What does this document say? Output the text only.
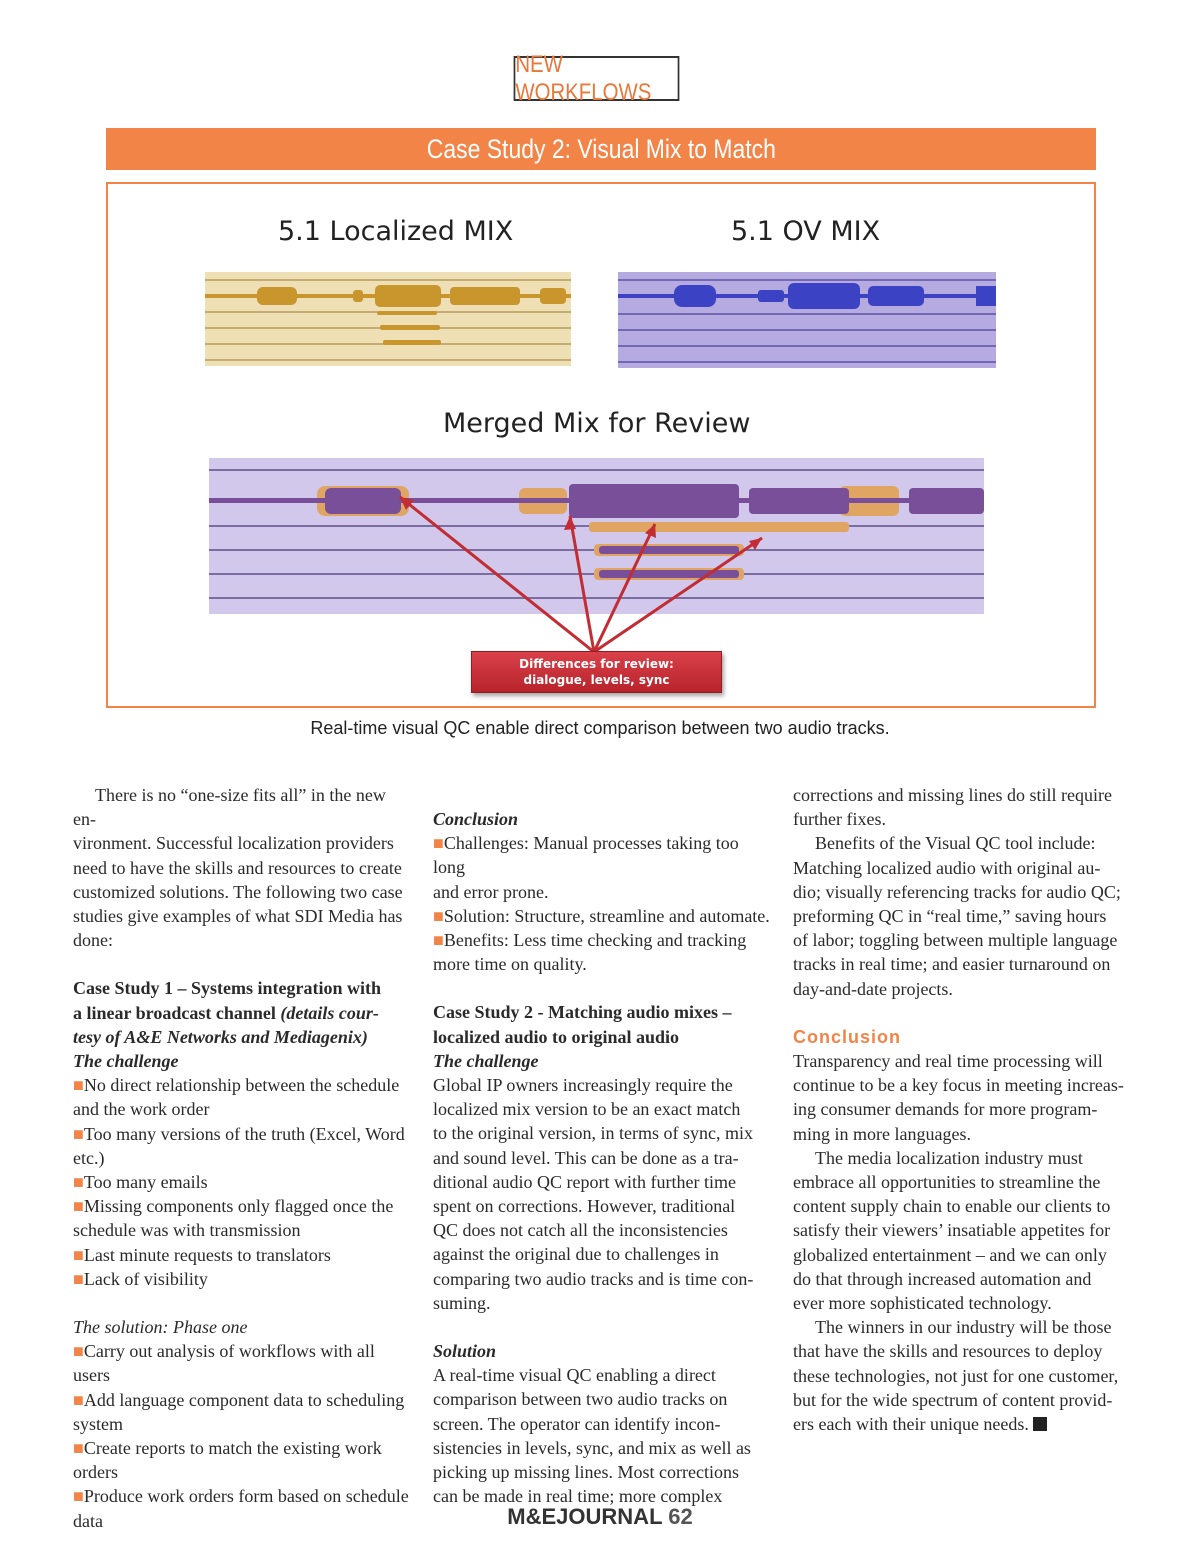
NEW WORKFLOWS
Case Study 2: Visual Mix to Match
5.1 Localized MIX	5.1 OV MIX
Merged Mix for Review
Differences for review:
dialogue, levels, sync
Real-time visual QC enable direct comparison between two audio tracks.

There is no “one-size fits all” in the new en-

vironment. Successful localization providers

need to have the skills and resources to create

customized solutions. The following two case

studies give examples of what SDI Media has

done:

Case Study 1 – Systems integration with

a linear broadcast channel (details cour-

tesy of A&E Networks and Mediagenix)

The challenge

■No direct relationship between the schedule

and the work order

■Too many versions of the truth (Excel, Word

etc.)

■Too many emails

■Missing components only flagged once the

schedule was with transmission

■Last minute requests to translators

■Lack of visibility

The solution: Phase one

■Carry out analysis of workflows with all users

■Add language component data to scheduling

system

■Create reports to match the existing work

orders

■Produce work orders form based on schedule

data

Conclusion

■Challenges: Manual processes taking too long

and error prone.

■Solution: Structure, streamline and automate.

■Benefits: Less time checking and tracking

more time on quality.

Case Study 2 - Matching audio mixes –

localized audio to original audio

The challenge

Global IP owners increasingly require the

localized mix version to be an exact match

to the original version, in terms of sync, mix

and sound level. This can be done as a tra-

ditional audio QC report with further time

spent on corrections. However, traditional

QC does not catch all the inconsistencies

against the original due to challenges in

comparing two audio tracks and is time con-

suming.

Solution

A real-time visual QC enabling a direct

comparison between two audio tracks on

screen. The operator can identify incon-

sistencies in levels, sync, and mix as well as

picking up missing lines. Most corrections

can be made in real time; more complex

corrections and missing lines do still require

further fixes.

Benefits of the Visual QC tool include:

Matching localized audio with original au-

dio; visually referencing tracks for audio QC;

preforming QC in “real time,” saving hours

of labor; toggling between multiple language

tracks in real time; and easier turnaround on

day-and-date projects.

Conclusion

Transparency and real time processing will

continue to be a key focus in meeting increas-

ing consumer demands for more program-

ming in more languages.

The media localization industry must

embrace all opportunities to streamline the

content supply chain to enable our clients to

satisfy their viewers’ insatiable appetites for

globalized entertainment – and we can only

do that through increased automation and

ever more sophisticated technology.

The winners in our industry will be those

that have the skills and resources to deploy

these technologies, not just for one customer,

but for the wide spectrum of content provid-

ers each with their unique needs.

M&EJOURNAL 62
